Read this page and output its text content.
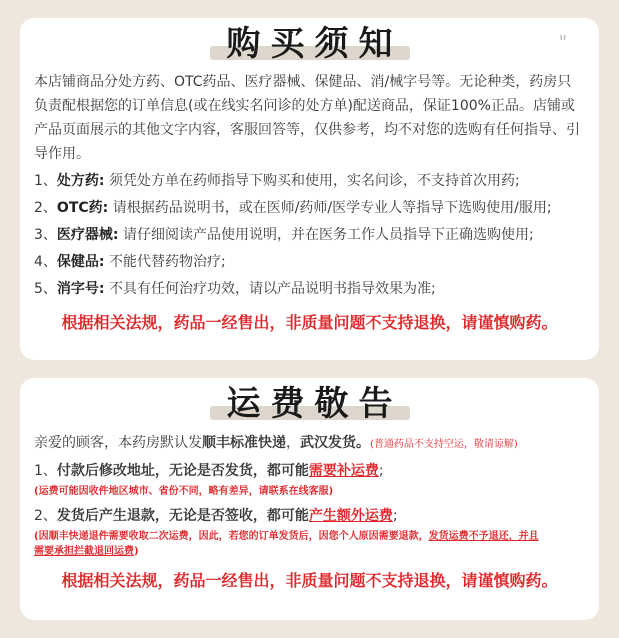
购买须知	"

本店铺商品分处方药、OTC药品、医疗器械、保健品、消/械字号等。无论种类，药房只负责配根据您的订单信息(或在线实名问诊的处方单)配送商品，保证100%正品。店铺或产品页面展示的其他文字内容，客服回答等，仅供参考，均不对您的选购有任何指导、引导作用。

1、处方药: 须凭处方单在药师指导下购买和使用，实名问诊，不支持首次用药;
2、OTC药: 请根据药品说明书，或在医师/药师/医学专业人等指导下选购使用/服用;
3、医疗器械: 请仔细阅读产品使用说明，并在医务工作人员指导下正确选购使用;
4、保健品: 不能代替药物治疗;
5、消字号: 不具有任何治疗功效，请以产品说明书指导效果为准;
根据相关法规，药品一经售出，非质量问题不支持退换，请谨慎购药。
运费敬告
亲爱的顾客，本药房默认发顺丰标准快递，武汉发货。(普通药品不支持空运，敬请谅解)
1、付款后修改地址，无论是否发货，都可能需要补运费;
(运费可能因收件地区城市、省份不同，略有差异，请联系在线客服)
2、发货后产生退款，无论是否签收，都可能产生额外运费;
(因顺丰快递退件需要收取二次运费，因此，若您的订单发货后，因您个人原因需要退款，发货运费不予退还，并且
需要承担拦截退回运费)
根据相关法规，药品一经售出，非质量问题不支持退换，请谨慎购药。
